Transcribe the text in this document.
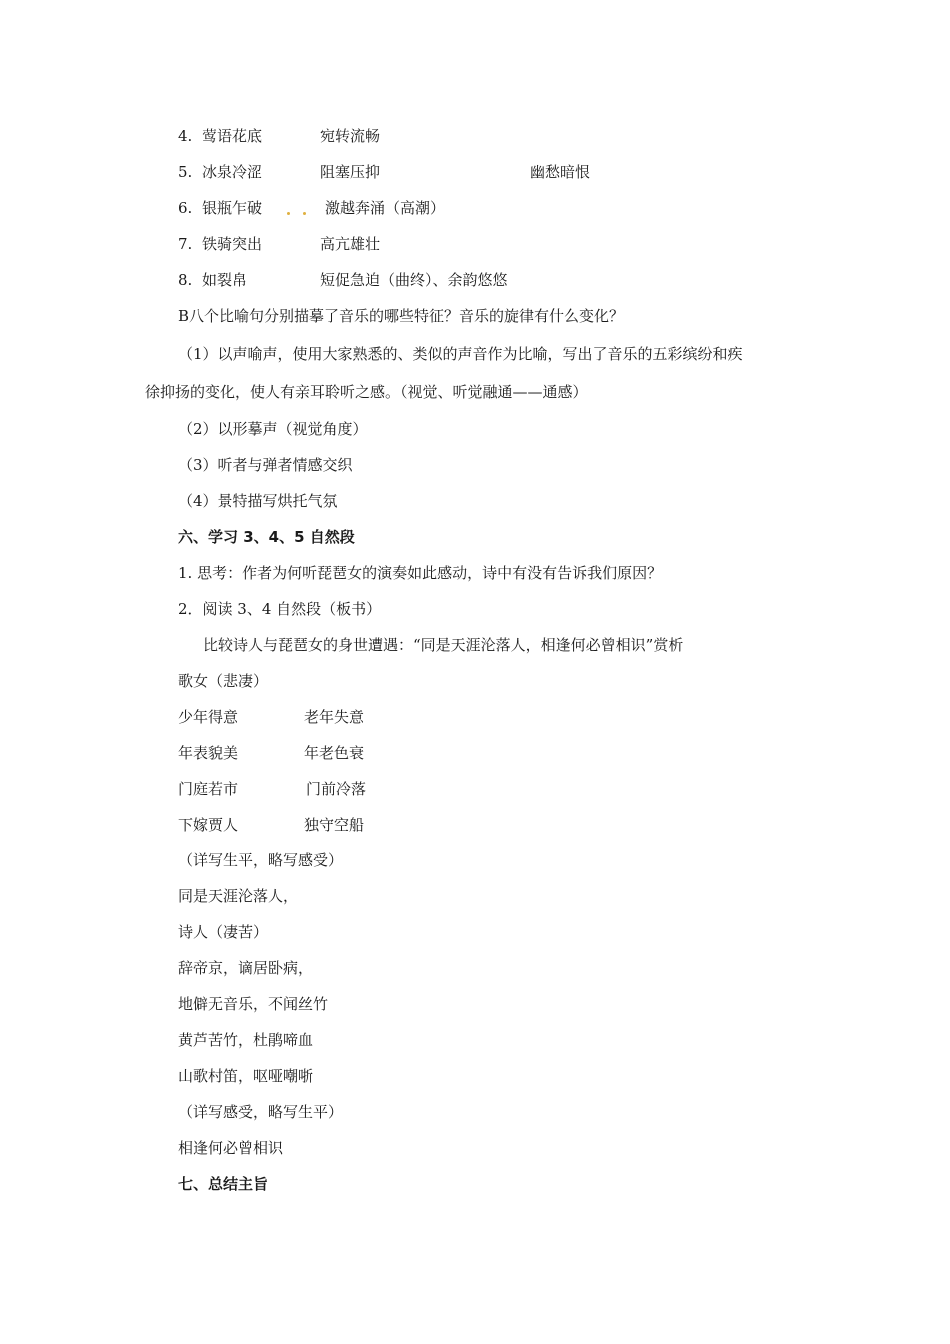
4. 莺语花底	宛转流畅
5. 冰泉冷涩	阻塞压抑	幽愁暗恨
6. 银瓶乍破	激越奔涌（高潮）
7. 铁骑突出	高亢雄壮
8. 如裂帛	短促急迫（曲终）、余韵悠悠
B八个比喻句分别描摹了音乐的哪些特征？音乐的旋律有什么变化？
（1）以声喻声，使用大家熟悉的、类似的声音作为比喻，写出了音乐的五彩缤纷和疾
徐抑扬的变化，使人有亲耳聆听之感。（视觉、听觉融通——通感）
（2）以形摹声（视觉角度）
（3）听者与弹者情感交织
（4）景特描写烘托气氛
六、学习 3、4、5 自然段
1. 思考：作者为何听琵琶女的演奏如此感动，诗中有没有告诉我们原因？
2．阅读 3、4 自然段（板书）
比较诗人与琵琶女的身世遭遇：“同是天涯沦落人，相逢何必曾相识”赏析
歌女（悲凄）
少年得意	老年失意
年表貌美	年老色衰
门庭若市	门前冷落
下嫁贾人	独守空船
（详写生平，略写感受）
同是天涯沦落人，
诗人（凄苦）
辞帝京，谪居卧病，
地僻无音乐，不闻丝竹
黄芦苦竹，杜鹃啼血
山歌村笛，呕哑嘲哳
（详写感受，略写生平）
相逢何必曾相识
七、总结主旨
